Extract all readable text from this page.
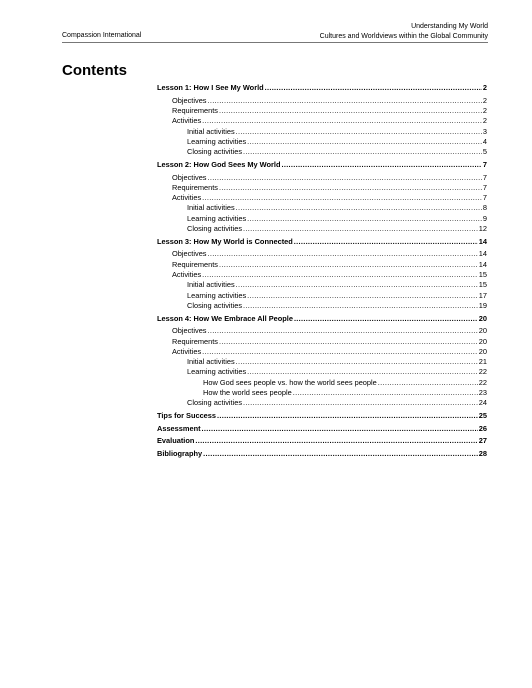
Compassion International
Understanding My World
Cultures and Worldviews within the Global Community
Contents
Lesson 1: How I See My World .....	2
Objectives .....	2
Requirements .....	2
Activities .....	2
Initial activities .....	3
Learning activities .....	4
Closing activities .....	5
Lesson 2: How God Sees My World .....	7
Objectives .....	7
Requirements .....	7
Activities .....	7
Initial activities .....	8
Learning activities .....	9
Closing activities .....	12
Lesson 3: How My World is Connected .....	14
Objectives .....	14
Requirements .....	14
Activities .....	15
Initial activities .....	15
Learning activities .....	17
Closing activities .....	19
Lesson 4: How We Embrace All People .....	20
Objectives .....	20
Requirements .....	20
Activities .....	20
Initial activities .....	21
Learning activities .....	22
How God sees people vs. how the world sees people .....	22
How the world sees people .....	23
Closing activities .....	24
Tips for Success .....	25
Assessment .....	26
Evaluation .....	27
Bibliography .....	28
